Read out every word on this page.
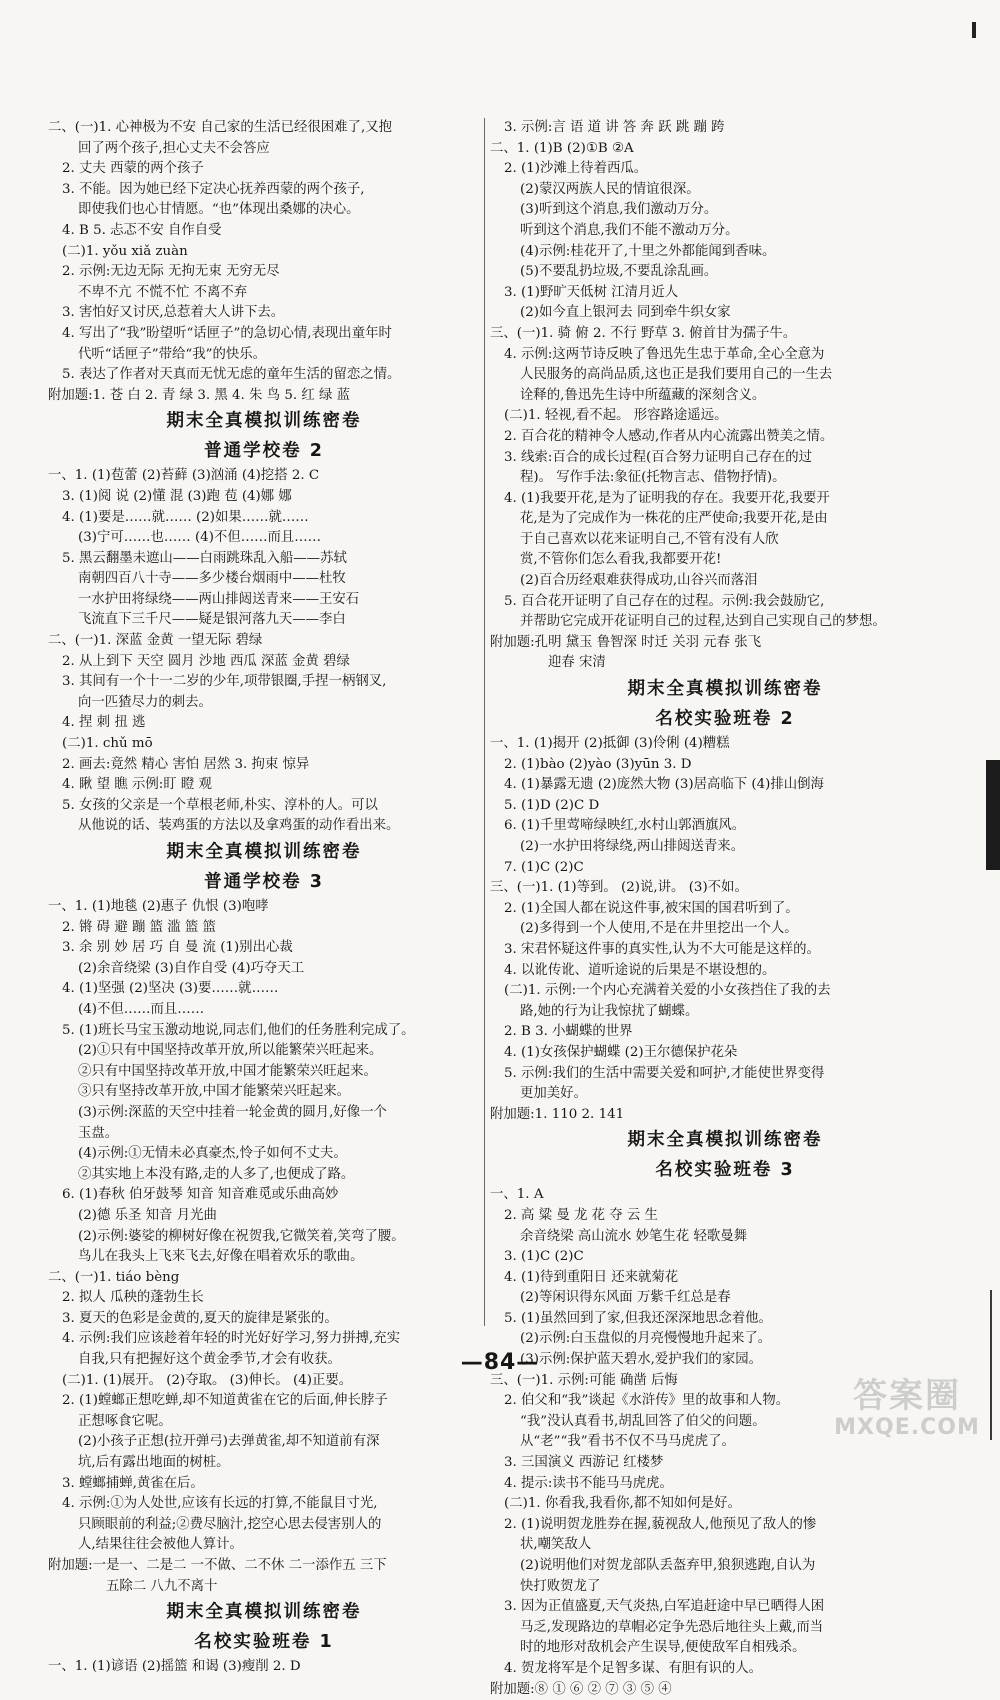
二、(一)1. 心神极为不安 自己家的生活已经很困难了,又抱
回了两个孩子,担心丈夫不会答应
2. 丈夫 西蒙的两个孩子
3. 不能。因为她已经下定决心抚养西蒙的两个孩子,
即使我们也心甘情愿。“也”体现出桑娜的决心。
4. B 5. 忐忑不安 自作自受
(二)1. yǒu xiǎ zuàn
2. 示例:无边无际 无拘无束 无穷无尽
不卑不亢 不慌不忙 不离不弃
3. 害怕好又讨厌,总惹着大人讲下去。
4. 写出了“我”盼望听“话匣子”的急切心情,表现出童年时
代听“话匣子”带给“我”的快乐。
5. 表达了作者对天真而无忧无虑的童年生活的留恋之情。
附加题:1. 苍 白 2. 青 绿 3. 黑 4. 朱 鸟 5. 红 绿 蓝
期末全真模拟训练密卷
普通学校卷 2
一、1. (1)苞蕾 (2)苔藓 (3)汹涌 (4)挖搭 2. C
3. (1)阅 说 (2)懂 混 (3)跑 苞 (4)娜 娜
4. (1)要是……就…… (2)如果……就……
(3)宁可……也…… (4)不但……而且……
5. 黑云翻墨未遮山——白雨跳珠乱入船——苏轼
南朝四百八十寺——多少楼台烟雨中——杜牧
一水护田将绿绕——两山排闼送青来——王安石
飞流直下三千尺——疑是银河落九天——李白
二、(一)1. 深蓝 金黄 一望无际 碧绿
2. 从上到下 天空 圆月 沙地 西瓜 深蓝 金黄 碧绿
3. 其间有一个十一二岁的少年,项带银圈,手捏一柄钢叉,
向一匹猹尽力的刺去。
4. 捏 刺 扭 逃
(二)1. chǔ mō
2. 画去:竟然 精心 害怕 居然 3. 拘束 惊异
4. 瞅 望 瞧 示例:盯 瞪 观
5. 女孩的父亲是一个草根老师,朴实、淳朴的人。可以
从他说的话、装鸡蛋的方法以及拿鸡蛋的动作看出来。
期末全真模拟训练密卷
普通学校卷 3
一、1. (1)地毯 (2)惠子 仇恨 (3)咆哮
2. 锵 碍 避 蹦 篮 滥 篮 篮
3. 余 别 妙 居 巧 自 曼 流 (1)别出心裁
(2)余音绕梁 (3)自作自受 (4)巧夺天工
4. (1)坚强 (2)坚决 (3)要……就……
(4)不但……而且……
5. (1)班长马宝玉激动地说,同志们,他们的任务胜利完成了。
(2)①只有中国坚持改革开放,所以能繁荣兴旺起来。
②只有中国坚持改革开放,中国才能繁荣兴旺起来。
③只有坚持改革开放,中国才能繁荣兴旺起来。
(3)示例:深蓝的天空中挂着一轮金黄的圆月,好像一个
玉盘。
(4)示例:①无情未必真豪杰,怜子如何不丈夫。
②其实地上本没有路,走的人多了,也便成了路。
6. (1)春秋 伯牙鼓琴 知音 知音难觅或乐曲高妙
(2)德 乐圣 知音 月光曲
(2)示例:婆娑的柳树好像在祝贺我,它微笑着,笑弯了腰。
鸟儿在我头上飞来飞去,好像在唱着欢乐的歌曲。
二、(一)1. tiáo bèng
2. 拟人 瓜秧的蓬勃生长
3. 夏天的色彩是金黄的,夏天的旋律是紧张的。
4. 示例:我们应该趁着年轻的时光好好学习,努力拼搏,充实
自我,只有把握好这个黄金季节,才会有收获。
(二)1. (1)展开。 (2)夺取。 (3)伸长。 (4)正要。
2. (1)螳螂正想吃蝉,却不知道黄雀在它的后面,伸长脖子
正想啄食它呢。
(2)小孩子正想(拉开弹弓)去弹黄雀,却不知道前有深
坑,后有露出地面的树桩。
3. 螳螂捕蝉,黄雀在后。
4. 示例:①为人处世,应该有长远的打算,不能鼠目寸光,
只顾眼前的利益;②费尽脑汁,挖空心思去侵害别人的
人,结果往往会被他人算计。
附加题:一是一、二是二 一不做、二不休 二一添作五 三下
五除二 八九不离十
期末全真模拟训练密卷
名校实验班卷 1
一、1. (1)谚语 (2)摇篮 和谒 (3)瘦削 2. D
3. 示例:言 语 道 讲 答 奔 跃 跳 蹦 跨
二、1. (1)B (2)①B ②A
2. (1)沙滩上待着西瓜。
(2)蒙汉两族人民的情谊很深。
(3)听到这个消息,我们激动万分。
听到这个消息,我们不能不激动万分。
(4)示例:桂花开了,十里之外都能闻到香味。
(5)不要乱扔垃圾,不要乱涂乱画。
3. (1)野旷天低树 江清月近人
(2)如今直上银河去 同到牵牛织女家
三、(一)1. 骑 俯 2. 不行 野草 3. 俯首甘为孺子牛。
4. 示例:这两节诗反映了鲁迅先生忠于革命,全心全意为
人民服务的高尚品质,这也正是我们要用自己的一生去
诠释的,鲁迅先生诗中所蕴藏的深刻含义。
(二)1. 轻视,看不起。 形容路途遥远。
2. 百合花的精神令人感动,作者从内心流露出赞美之情。
3. 线索:百合的成长过程(百合努力证明自己存在的过
程)。 写作手法:象征(托物言志、借物抒情)。
4. (1)我要开花,是为了证明我的存在。我要开花,我要开
花,是为了完成作为一株花的庄严使命;我要开花,是由
于自己喜欢以花来证明自己,不管有没有人欣
赏,不管你们怎么看我,我都要开花!
(2)百合历经艰难获得成功,山谷兴而落泪
5. 百合花开证明了自己存在的过程。示例:我会鼓励它,
并帮助它完成开花证明自己的过程,达到自己实现自己的梦想。
附加题:孔明 黛玉 鲁智深 时迁 关羽 元春 张飞
迎春 宋清
期末全真模拟训练密卷
名校实验班卷 2
一、1. (1)揭开 (2)抵御 (3)伶俐 (4)糟糕
2. (1)bào (2)yào (3)yūn 3. D
4. (1)暴露无遗 (2)庞然大物 (3)居高临下 (4)排山倒海
5. (1)D (2)C D
6. (1)千里莺啼绿映红,水村山郭酒旗风。
(2)一水护田将绿绕,两山排闼送青来。
7. (1)C (2)C
三、(一)1. (1)等到。 (2)说,讲。 (3)不如。
2. (1)全国人都在说这件事,被宋国的国君听到了。
(2)多得到一个人使用,不是在井里挖出一个人。
3. 宋君怀疑这件事的真实性,认为不大可能是这样的。
4. 以讹传讹、道听途说的后果是不堪设想的。
(二)1. 示例:一个内心充满着关爱的小女孩挡住了我的去
路,她的行为让我惊扰了蝴蝶。
2. B 3. 小蝴蝶的世界
4. (1)女孩保护蝴蝶 (2)王尔德保护花朵
5. 示例:我们的生活中需要关爱和呵护,才能使世界变得
更加美好。
附加题:1. 110 2. 141
期末全真模拟训练密卷
名校实验班卷 3
一、1. A
2. 高 粱 曼 龙 花 夺 云 生
余音绕梁 高山流水 妙笔生花 轻歌曼舞
3. (1)C (2)C
4. (1)待到重阳日 还来就菊花
(2)等闲识得东风面 万紫千红总是春
5. (1)虽然回到了家,但我还深深地思念着他。
(2)示例:白玉盘似的月亮慢慢地升起来了。
(3)示例:保护蓝天碧水,爱护我们的家园。
三、(一)1. 示例:可能 确凿 后悔
2. 伯父和“我”谈起《水浒传》里的故事和人物。
“我”没认真看书,胡乱回答了伯父的问题。
从“老”“我”看书不仅不马马虎虎了。
3. 三国演义 西游记 红楼梦
4. 提示:读书不能马马虎虎。
(二)1. 你看我,我看你,都不知如何是好。
2. (1)说明贺龙胜券在握,藐视敌人,他预见了敌人的惨
状,嘲笑敌人
(2)说明他们对贺龙部队丢盔弃甲,狼狈逃跑,自认为
快打败贺龙了
3. 因为正值盛夏,天气炎热,白军追赶途中早已晒得人困
马乏,发现路边的草帽必定争先恐后地往头上戴,而当
时的地形对敌机会产生误导,便使敌军自相残杀。
4. 贺龙将军是个足智多谋、有胆有识的人。
附加题:⑧ ① ⑥ ② ⑦ ③ ⑤ ④
—84—
答案圈
MXQE.COM
